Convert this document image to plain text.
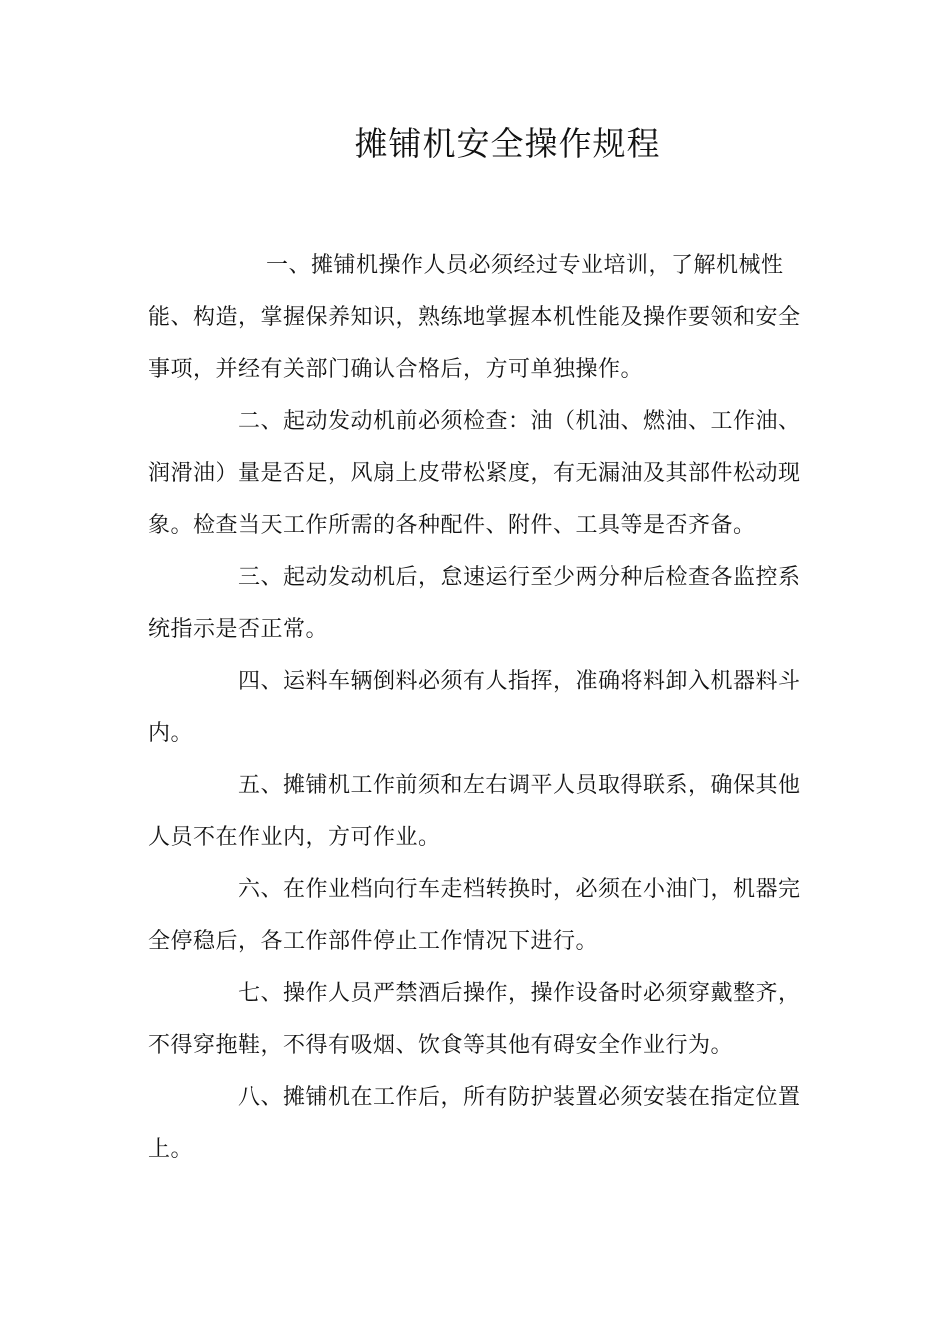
摊铺机安全操作规程
一、摊铺机操作人员必须经过专业培训，了解机械性
能、构造，掌握保养知识，熟练地掌握本机性能及操作要领和安全
事项，并经有关部门确认合格后，方可单独操作。
二、起动发动机前必须检查：油（机油、燃油、工作油、
润滑油）量是否足，风扇上皮带松紧度，有无漏油及其部件松动现
象。检查当天工作所需的各种配件、附件、工具等是否齐备。
三、起动发动机后，怠速运行至少两分种后检查各监控系
统指示是否正常。
四、运料车辆倒料必须有人指挥，准确将料卸入机器料斗
内。
五、摊铺机工作前须和左右调平人员取得联系，确保其他
人员不在作业内，方可作业。
六、在作业档向行车走档转换时，必须在小油门，机器完
全停稳后，各工作部件停止工作情况下进行。
七、操作人员严禁酒后操作，操作设备时必须穿戴整齐，
不得穿拖鞋，不得有吸烟、饮食等其他有碍安全作业行为。
八、摊铺机在工作后，所有防护装置必须安装在指定位置
上。
